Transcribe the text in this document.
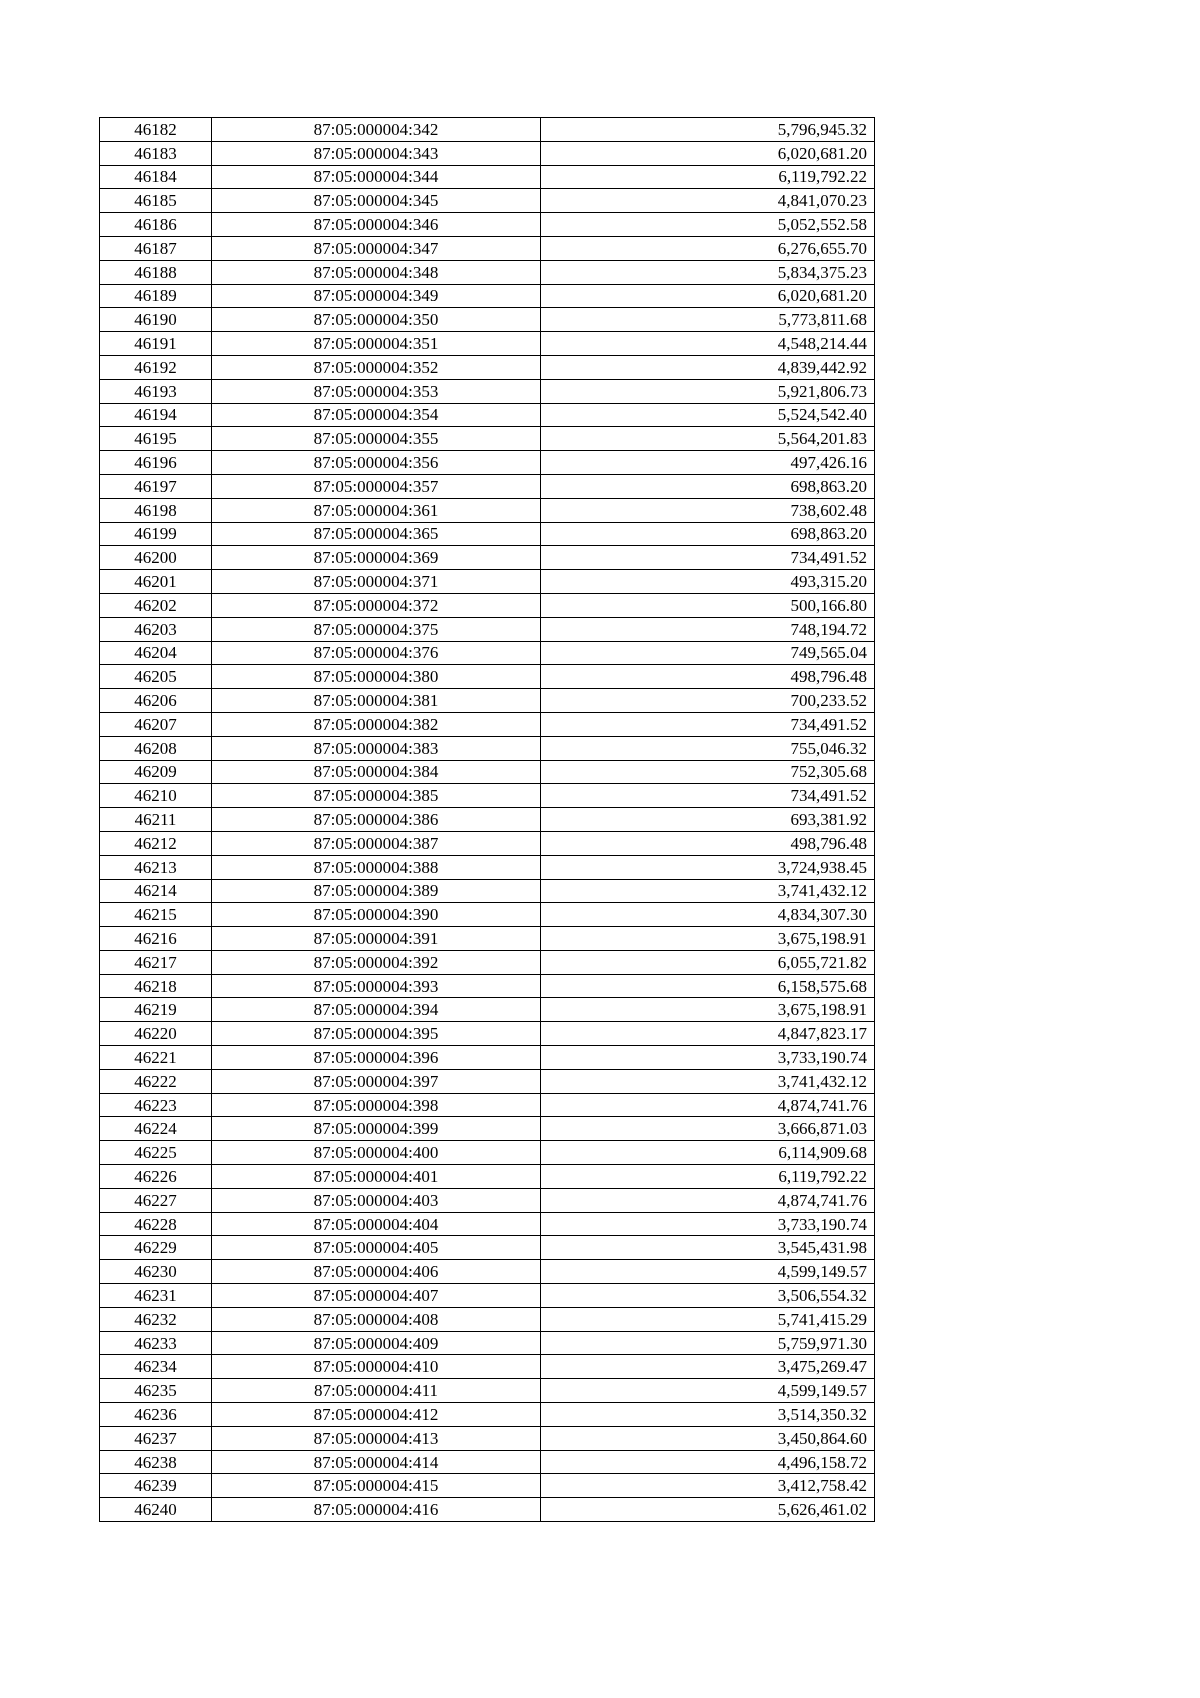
46182	87:05:000004:342	5,796,945.32
46183	87:05:000004:343	6,020,681.20
46184	87:05:000004:344	6,119,792.22
46185	87:05:000004:345	4,841,070.23
46186	87:05:000004:346	5,052,552.58
46187	87:05:000004:347	6,276,655.70
46188	87:05:000004:348	5,834,375.23
46189	87:05:000004:349	6,020,681.20
46190	87:05:000004:350	5,773,811.68
46191	87:05:000004:351	4,548,214.44
46192	87:05:000004:352	4,839,442.92
46193	87:05:000004:353	5,921,806.73
46194	87:05:000004:354	5,524,542.40
46195	87:05:000004:355	5,564,201.83
46196	87:05:000004:356	497,426.16
46197	87:05:000004:357	698,863.20
46198	87:05:000004:361	738,602.48
46199	87:05:000004:365	698,863.20
46200	87:05:000004:369	734,491.52
46201	87:05:000004:371	493,315.20
46202	87:05:000004:372	500,166.80
46203	87:05:000004:375	748,194.72
46204	87:05:000004:376	749,565.04
46205	87:05:000004:380	498,796.48
46206	87:05:000004:381	700,233.52
46207	87:05:000004:382	734,491.52
46208	87:05:000004:383	755,046.32
46209	87:05:000004:384	752,305.68
46210	87:05:000004:385	734,491.52
46211	87:05:000004:386	693,381.92
46212	87:05:000004:387	498,796.48
46213	87:05:000004:388	3,724,938.45
46214	87:05:000004:389	3,741,432.12
46215	87:05:000004:390	4,834,307.30
46216	87:05:000004:391	3,675,198.91
46217	87:05:000004:392	6,055,721.82
46218	87:05:000004:393	6,158,575.68
46219	87:05:000004:394	3,675,198.91
46220	87:05:000004:395	4,847,823.17
46221	87:05:000004:396	3,733,190.74
46222	87:05:000004:397	3,741,432.12
46223	87:05:000004:398	4,874,741.76
46224	87:05:000004:399	3,666,871.03
46225	87:05:000004:400	6,114,909.68
46226	87:05:000004:401	6,119,792.22
46227	87:05:000004:403	4,874,741.76
46228	87:05:000004:404	3,733,190.74
46229	87:05:000004:405	3,545,431.98
46230	87:05:000004:406	4,599,149.57
46231	87:05:000004:407	3,506,554.32
46232	87:05:000004:408	5,741,415.29
46233	87:05:000004:409	5,759,971.30
46234	87:05:000004:410	3,475,269.47
46235	87:05:000004:411	4,599,149.57
46236	87:05:000004:412	3,514,350.32
46237	87:05:000004:413	3,450,864.60
46238	87:05:000004:414	4,496,158.72
46239	87:05:000004:415	3,412,758.42
46240	87:05:000004:416	5,626,461.02
